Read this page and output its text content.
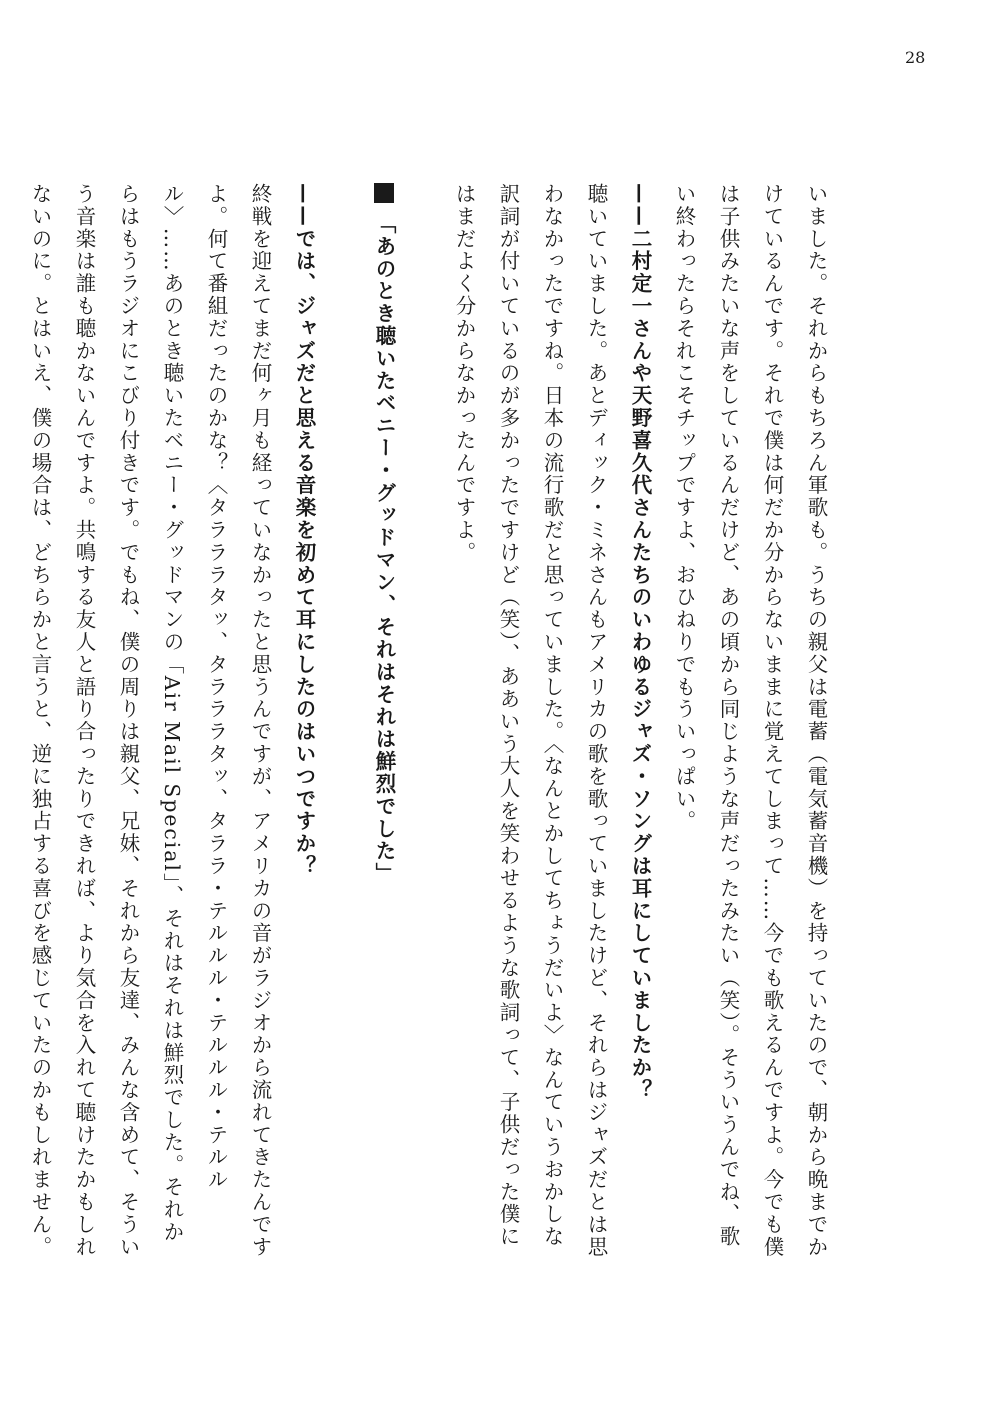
28

いました。それからもちろん軍歌も。うちの親父は電蓄（電気蓄音機）を持っていたので、朝から晩までかけているんです。それで僕は何だか分からないままに覚えてしまって……今でも歌えるんですよ。今でも僕は子供みたいな声をしているんだけど、あの頃から同じような声だったみたい（笑）。そういうんでね、歌い終わったらそれこそチップですよ、おひねりでもういっぱい。

——二村定一さんや天野喜久代さんたちのいわゆるジャズ・ソングは耳にしていましたか？

聴いていました。あとディック・ミネさんもアメリカの歌を歌っていましたけど、それらはジャズだとは思わなかったですね。日本の流行歌だと思っていました。〈なんとかしてちょうだいよ〉なんていうおかしな訳詞が付いているのが多かったですけど（笑）、ああいう大人を笑わせるような歌詞って、子供だった僕にはまだよく分からなかったんですよ。

「あのとき聴いたベニー・グッドマン、それはそれは鮮烈でした」

——では、ジャズだと思える音楽を初めて耳にしたのはいつですか？

終戦を迎えてまだ何ヶ月も経っていなかったと思うんですが、アメリカの音がラジオから流れてきたんですよ。何て番組だったのかな？〈タラララタッ、タラララタッ、タララ・テルルル・テルルル・テルルル〉……あのとき聴いたベニー・グッドマンの「Air Mail Special」、それはそれは鮮烈でした。それからはもうラジオにこびり付きです。でもね、僕の周りは親父、兄妹、それから友達、みんな含めて、そういう音楽は誰も聴かないんですよ。共鳴する友人と語り合ったりできれば、より気合を入れて聴けたかもしれないのに。とはいえ、僕の場合は、どちらかと言うと、逆に独占する喜びを感じていたのかもしれません。
